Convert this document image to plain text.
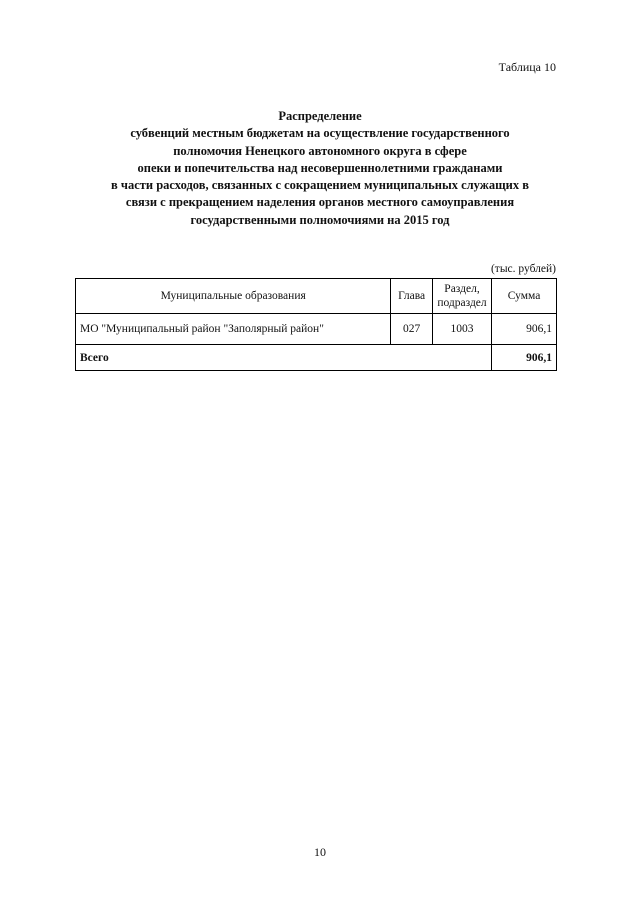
Таблица 10
Распределение
субвенций местным бюджетам на осуществление государственного
полномочия Ненецкого автономного округа в сфере
опеки и попечительства над несовершеннолетними гражданами
в части расходов, связанных с сокращением муниципальных служащих в
связи с прекращением наделения органов местного самоуправления
государственными полномочиями на 2015 год
(тыс. рублей)
Муниципальные образования	Глава	Раздел, подраздел	Сумма
МО "Муниципальный район "Заполярный район"	027	1003	906,1
Всего			906,1
10
